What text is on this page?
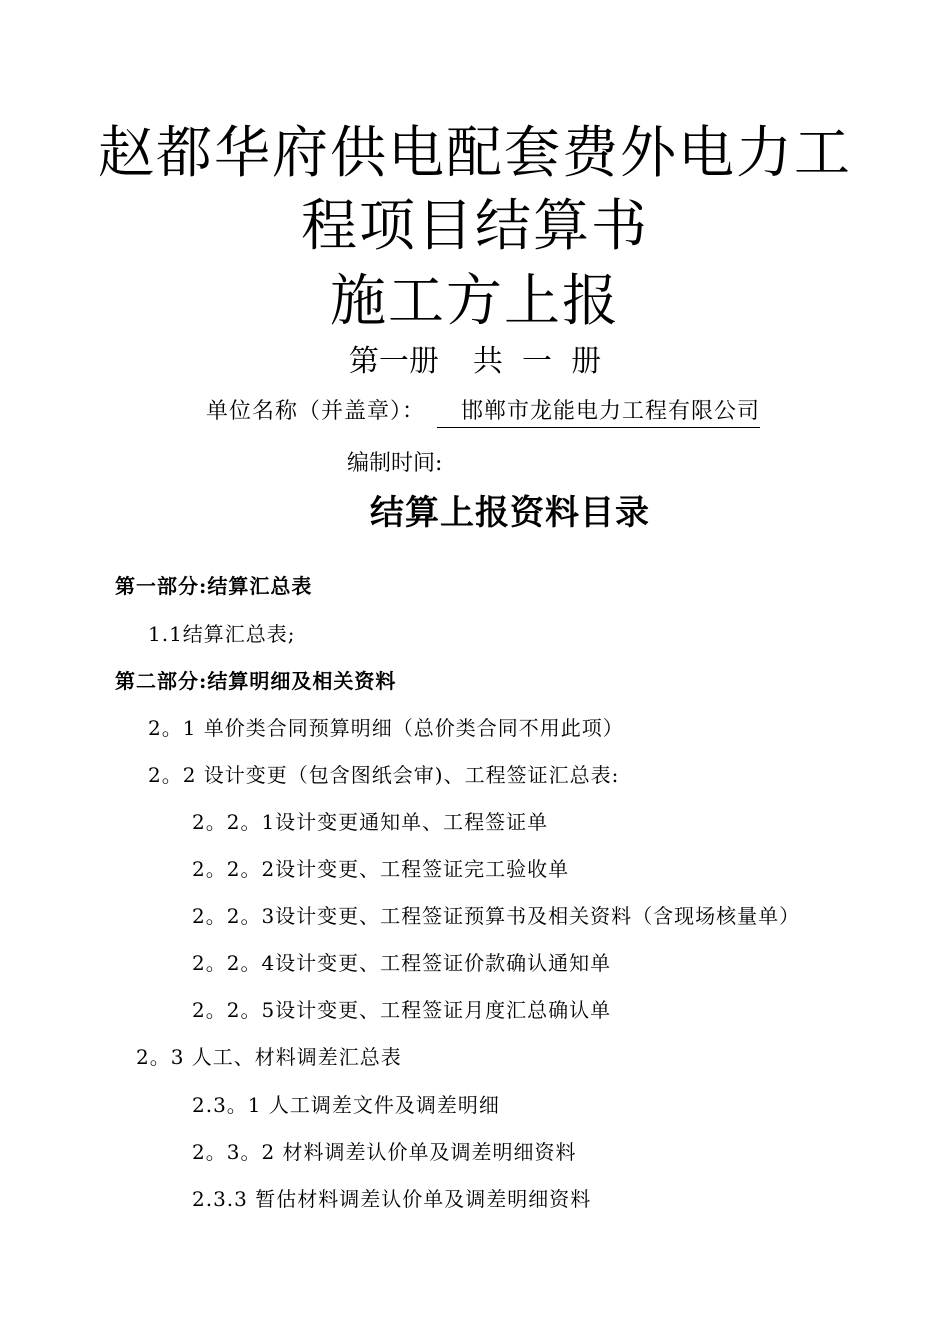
赵都华府供电配套费外电力工
程项目结算书
施工方上报
第一册 共 一 册
单位名称（并盖章）： 邯郸市龙能电力工程有限公司
编制时间:
结算上报资料目录
第一部分:结算汇总表
1.1结算汇总表;
第二部分:结算明细及相关资料
2。1 单价类合同预算明细（总价类合同不用此项）
2。2 设计变更（包含图纸会审)、工程签证汇总表:
2。2。1设计变更通知单、工程签证单
2。2。2设计变更、工程签证完工验收单
2。2。3设计变更、工程签证预算书及相关资料（含现场核量单）
2。2。4设计变更、工程签证价款确认通知单
2。2。5设计变更、工程签证月度汇总确认单
2。3 人工、材料调差汇总表
2.3。1 人工调差文件及调差明细
2。3。2 材料调差认价单及调差明细资料
2.3.3 暂估材料调差认价单及调差明细资料
